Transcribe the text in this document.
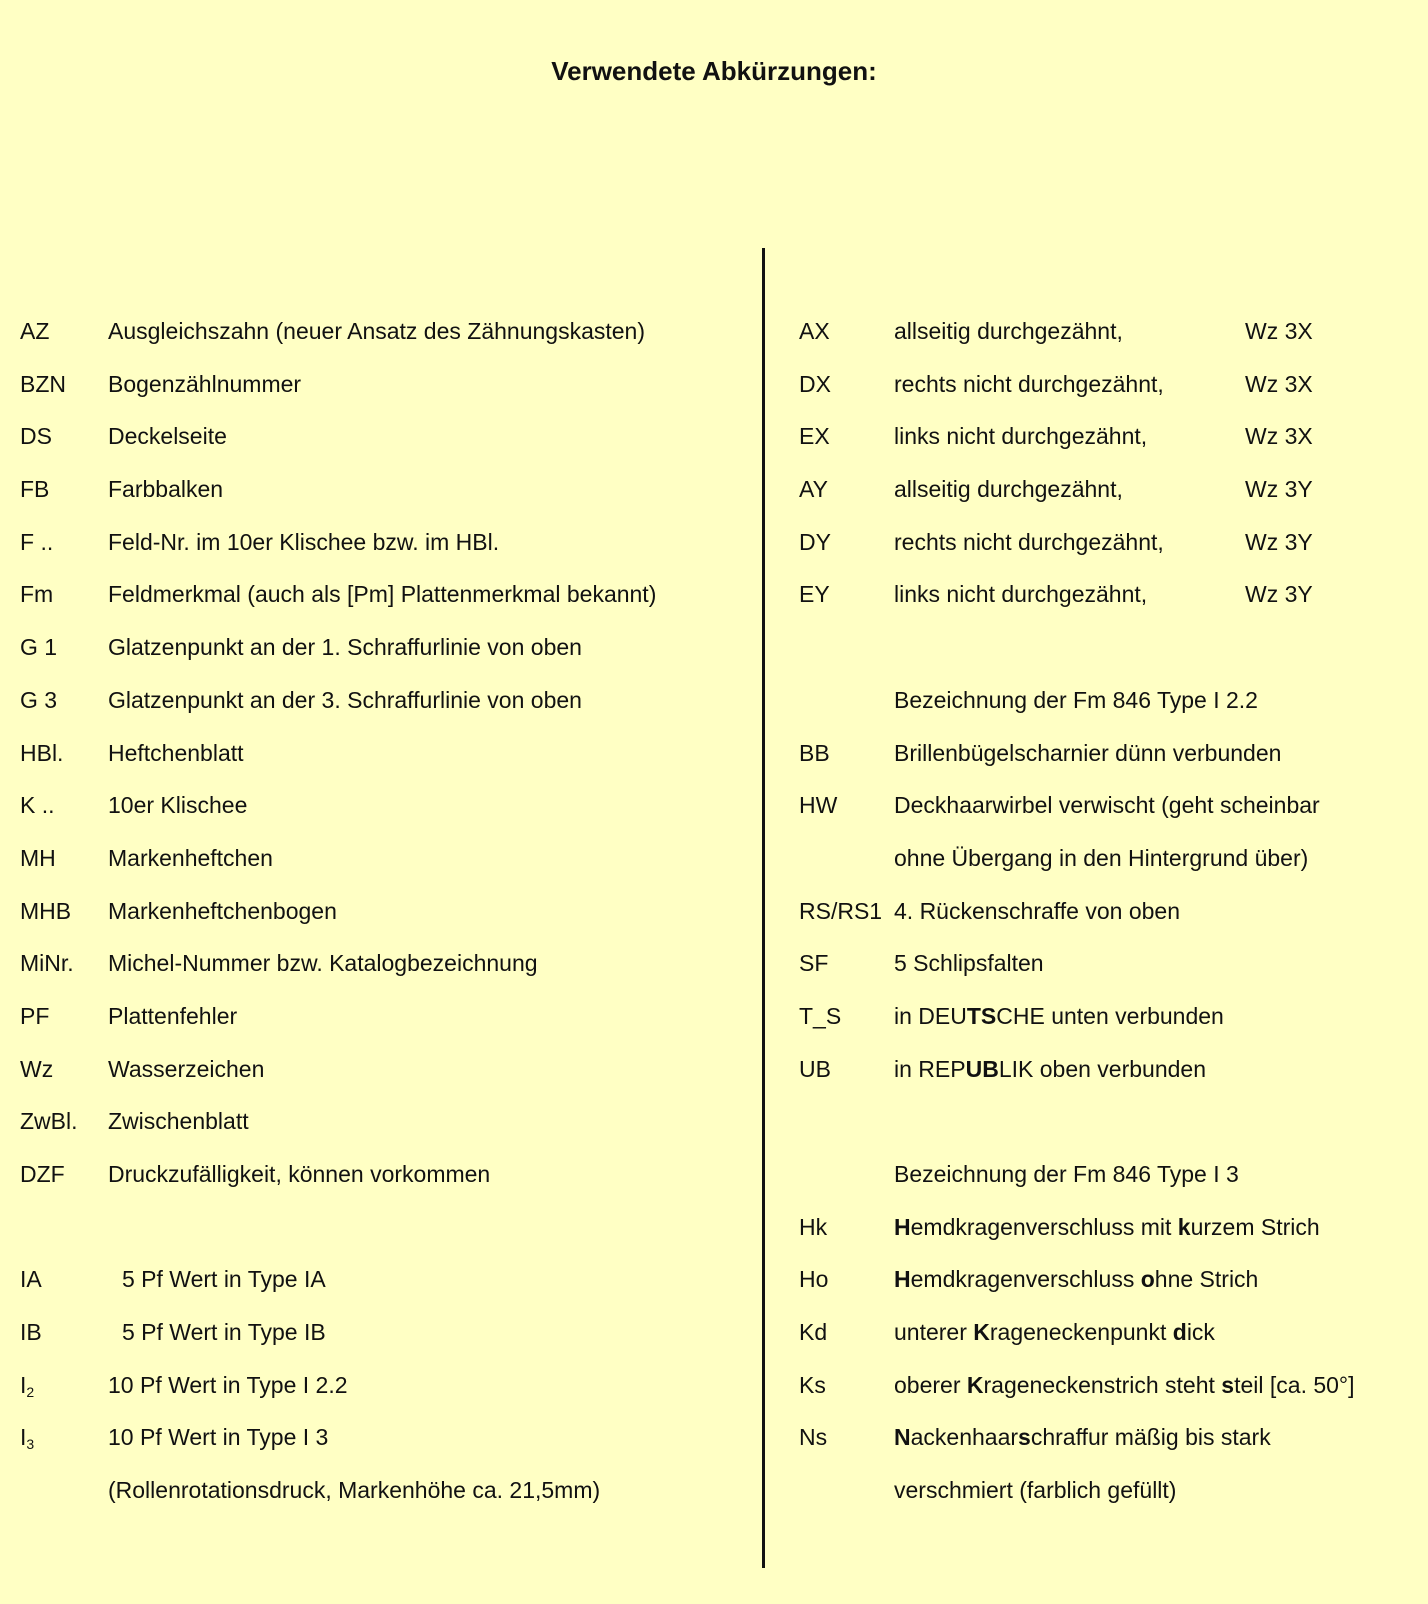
Verwendete Abkürzungen:
AZ	Ausgleichszahn (neuer Ansatz des Zähnungskasten)
BZN Bogenzählnummer
DS Deckelseite
FB	Farbbalken
F .. Feld-Nr. im 10er Klischee bzw. im HBl.
Fm Feldmerkmal (auch als [Pm] Plattenmerkmal bekannt)
G 1 Glatzenpunkt an der 1. Schraffurlinie von oben
G 3 Glatzenpunkt an der 3. Schraffurlinie von oben
HBl. Heftchenblatt
K .. 10er Klischee
MH Markenheftchen
MHB Markenheftchenbogen
MiNr. Michel-Nummer bzw. Katalogbezeichnung
PF	Plattenfehler
Wz Wasserzeichen
ZwBl. Zwischenblatt
DZF Druckzufälligkeit, können vorkommen
IA	5 Pf Wert in Type IA
IB	5 Pf Wert in Type IB
$I_2$	10 Pf Wert in Type I 2.2
$I_3$	10 Pf Wert in Type I 3
(Rollenrotationsdruck, Markenhöhe ca. 21,5mm)
AX	allseitig durchgezähnt,	Wz 3X
DX	rechts nicht durchgezähnt,	Wz 3X
EX	links nicht durchgezähnt,	Wz 3X
AY	allseitig durchgezähnt,	Wz 3Y
DY	rechts nicht durchgezähnt,	Wz 3Y
EY	links nicht durchgezähnt,	Wz 3Y
Bezeichnung der Fm 846 Type I 2.2
BB	Brillenbügelscharnier dünn verbunden
HW Deckhaarwirbel verwischt (geht scheinbar
ohne Übergang in den Hintergrund über)
RS/RS1 4. Rückenschraffe von oben
SF	5 Schlipsfalten
T_S in DEUTSCHE unten verbunden
UB	in REPUBLIK oben verbunden
Bezeichnung der Fm 846 Type I 3
Hk	Hemdkragenverschluss mit kurzem Strich
Ho	Hemdkragenverschluss ohne Strich
Kd	unterer Krageneckenpunkt dick
Ks	oberer Krageneckenstrich steht steil [ca. 50°]
Ns	Nackenhaarschraffur mäßig bis stark
verschmiert (farblich gefüllt)
